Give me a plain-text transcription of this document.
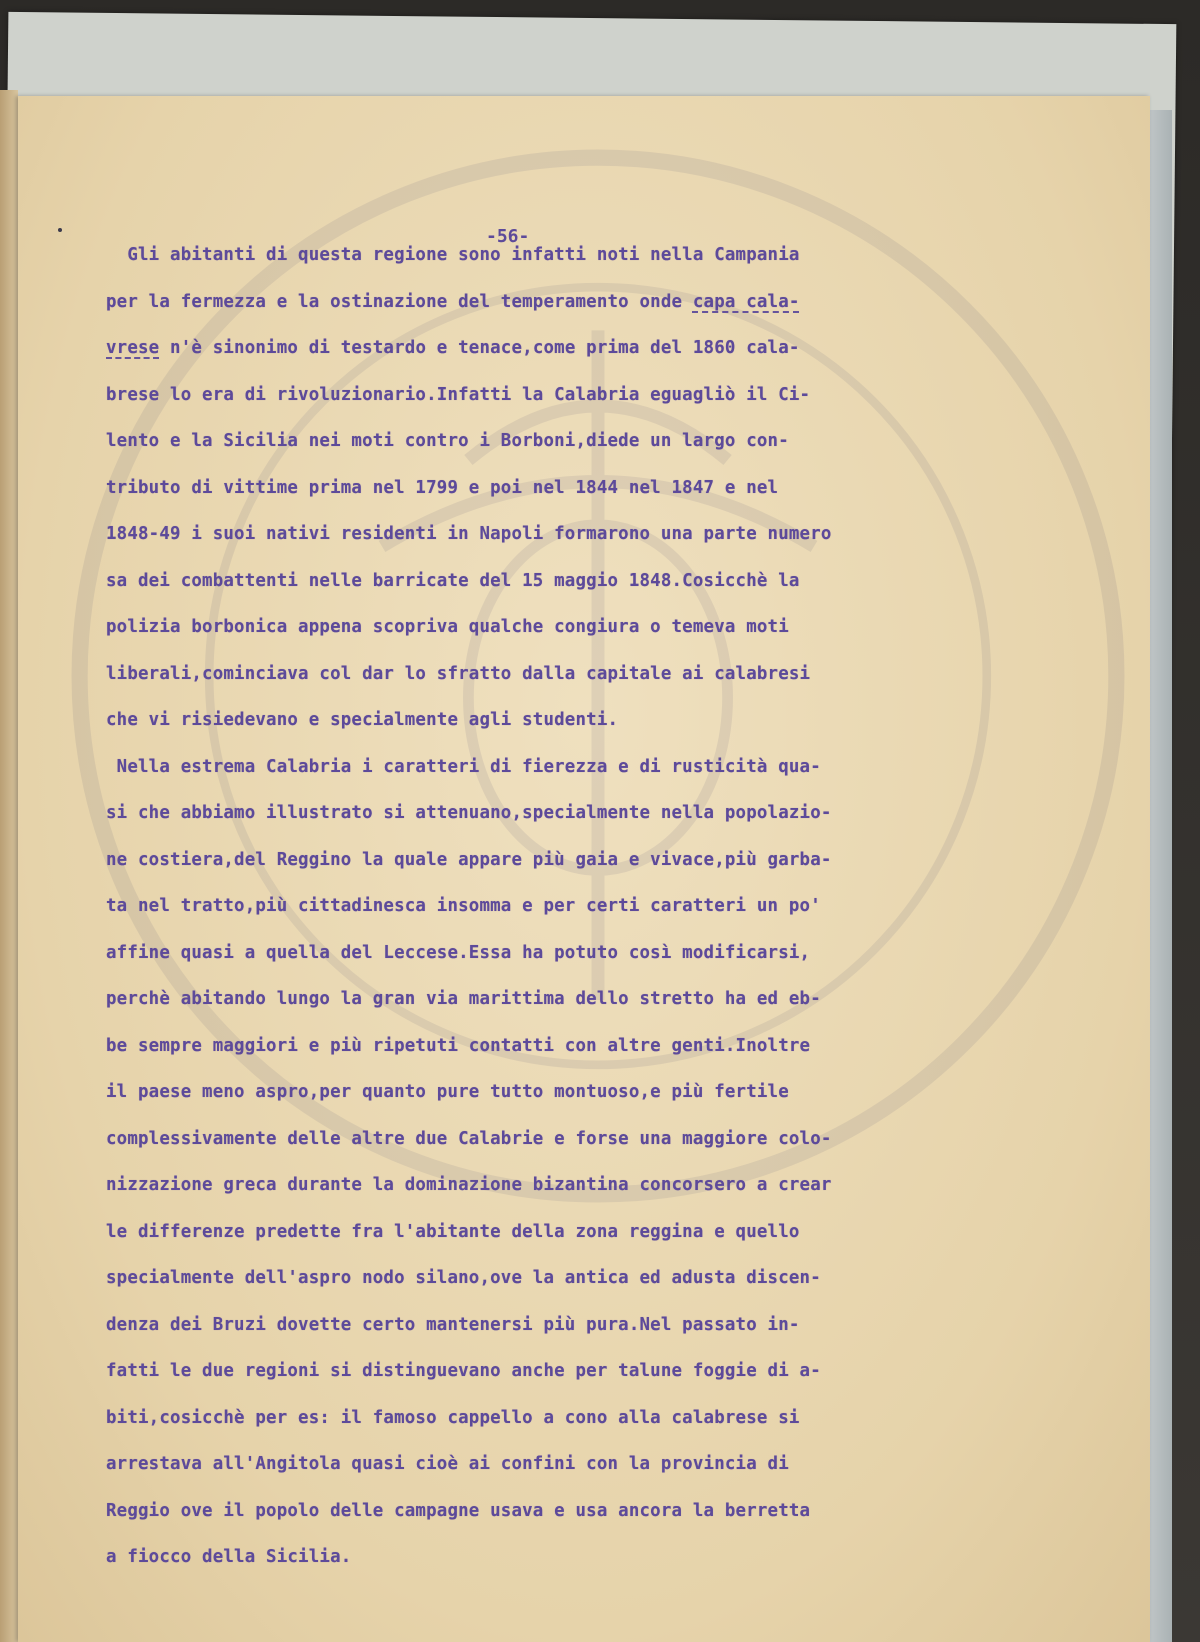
-56-
Gli abitanti di questa regione sono infatti noti nella Campania
per la fermezza e la ostinazione del temperamento onde capa cala-
vrese n'è sinonimo di testardo e tenace,come prima del 1860 cala-
brese lo era di rivoluzionario.Infatti la Calabria eguagliò il Ci-
lento e la Sicilia nei moti contro i Borboni,diede un largo con-
tributo di vittime prima nel 1799 e poi nel 1844 nel 1847 e nel
1848-49 i suoi nativi residenti in Napoli formarono una parte numero
sa dei combattenti nelle barricate del 15 maggio 1848.Cosicchè la
polizia borbonica appena scopriva qualche congiura o temeva moti
liberali,cominciava col dar lo sfratto dalla capitale ai calabresi
che vi risiedevano e specialmente agli studenti.
Nella estrema Calabria i caratteri di fierezza e di rusticità qua-
si che abbiamo illustrato si attenuano,specialmente nella popolazio-
ne costiera,del Reggino la quale appare più gaia e vivace,più garba-
ta nel tratto,più cittadinesca insomma e per certi caratteri un po'
affine quasi a quella del Leccese.Essa ha potuto così modificarsi,
perchè abitando lungo la gran via marittima dello stretto ha ed eb-
be sempre maggiori e più ripetuti contatti con altre genti.Inoltre
il paese meno aspro,per quanto pure tutto montuoso,e più fertile
complessivamente delle altre due Calabrie e forse una maggiore colo-
nizzazione greca durante la dominazione bizantina concorsero a crear
le differenze predette fra l'abitante della zona reggina e quello
specialmente dell'aspro nodo silano,ove la antica ed adusta discen-
denza dei Bruzi dovette certo mantenersi più pura.Nel passato in-
fatti le due regioni si distinguevano anche per talune foggie di a-
biti,cosicchè per es: il famoso cappello a cono alla calabrese si
arrestava all'Angitola quasi cioè ai confini con la provincia di
Reggio ove il popolo delle campagne usava e usa ancora la berretta
a fiocco della Sicilia.
